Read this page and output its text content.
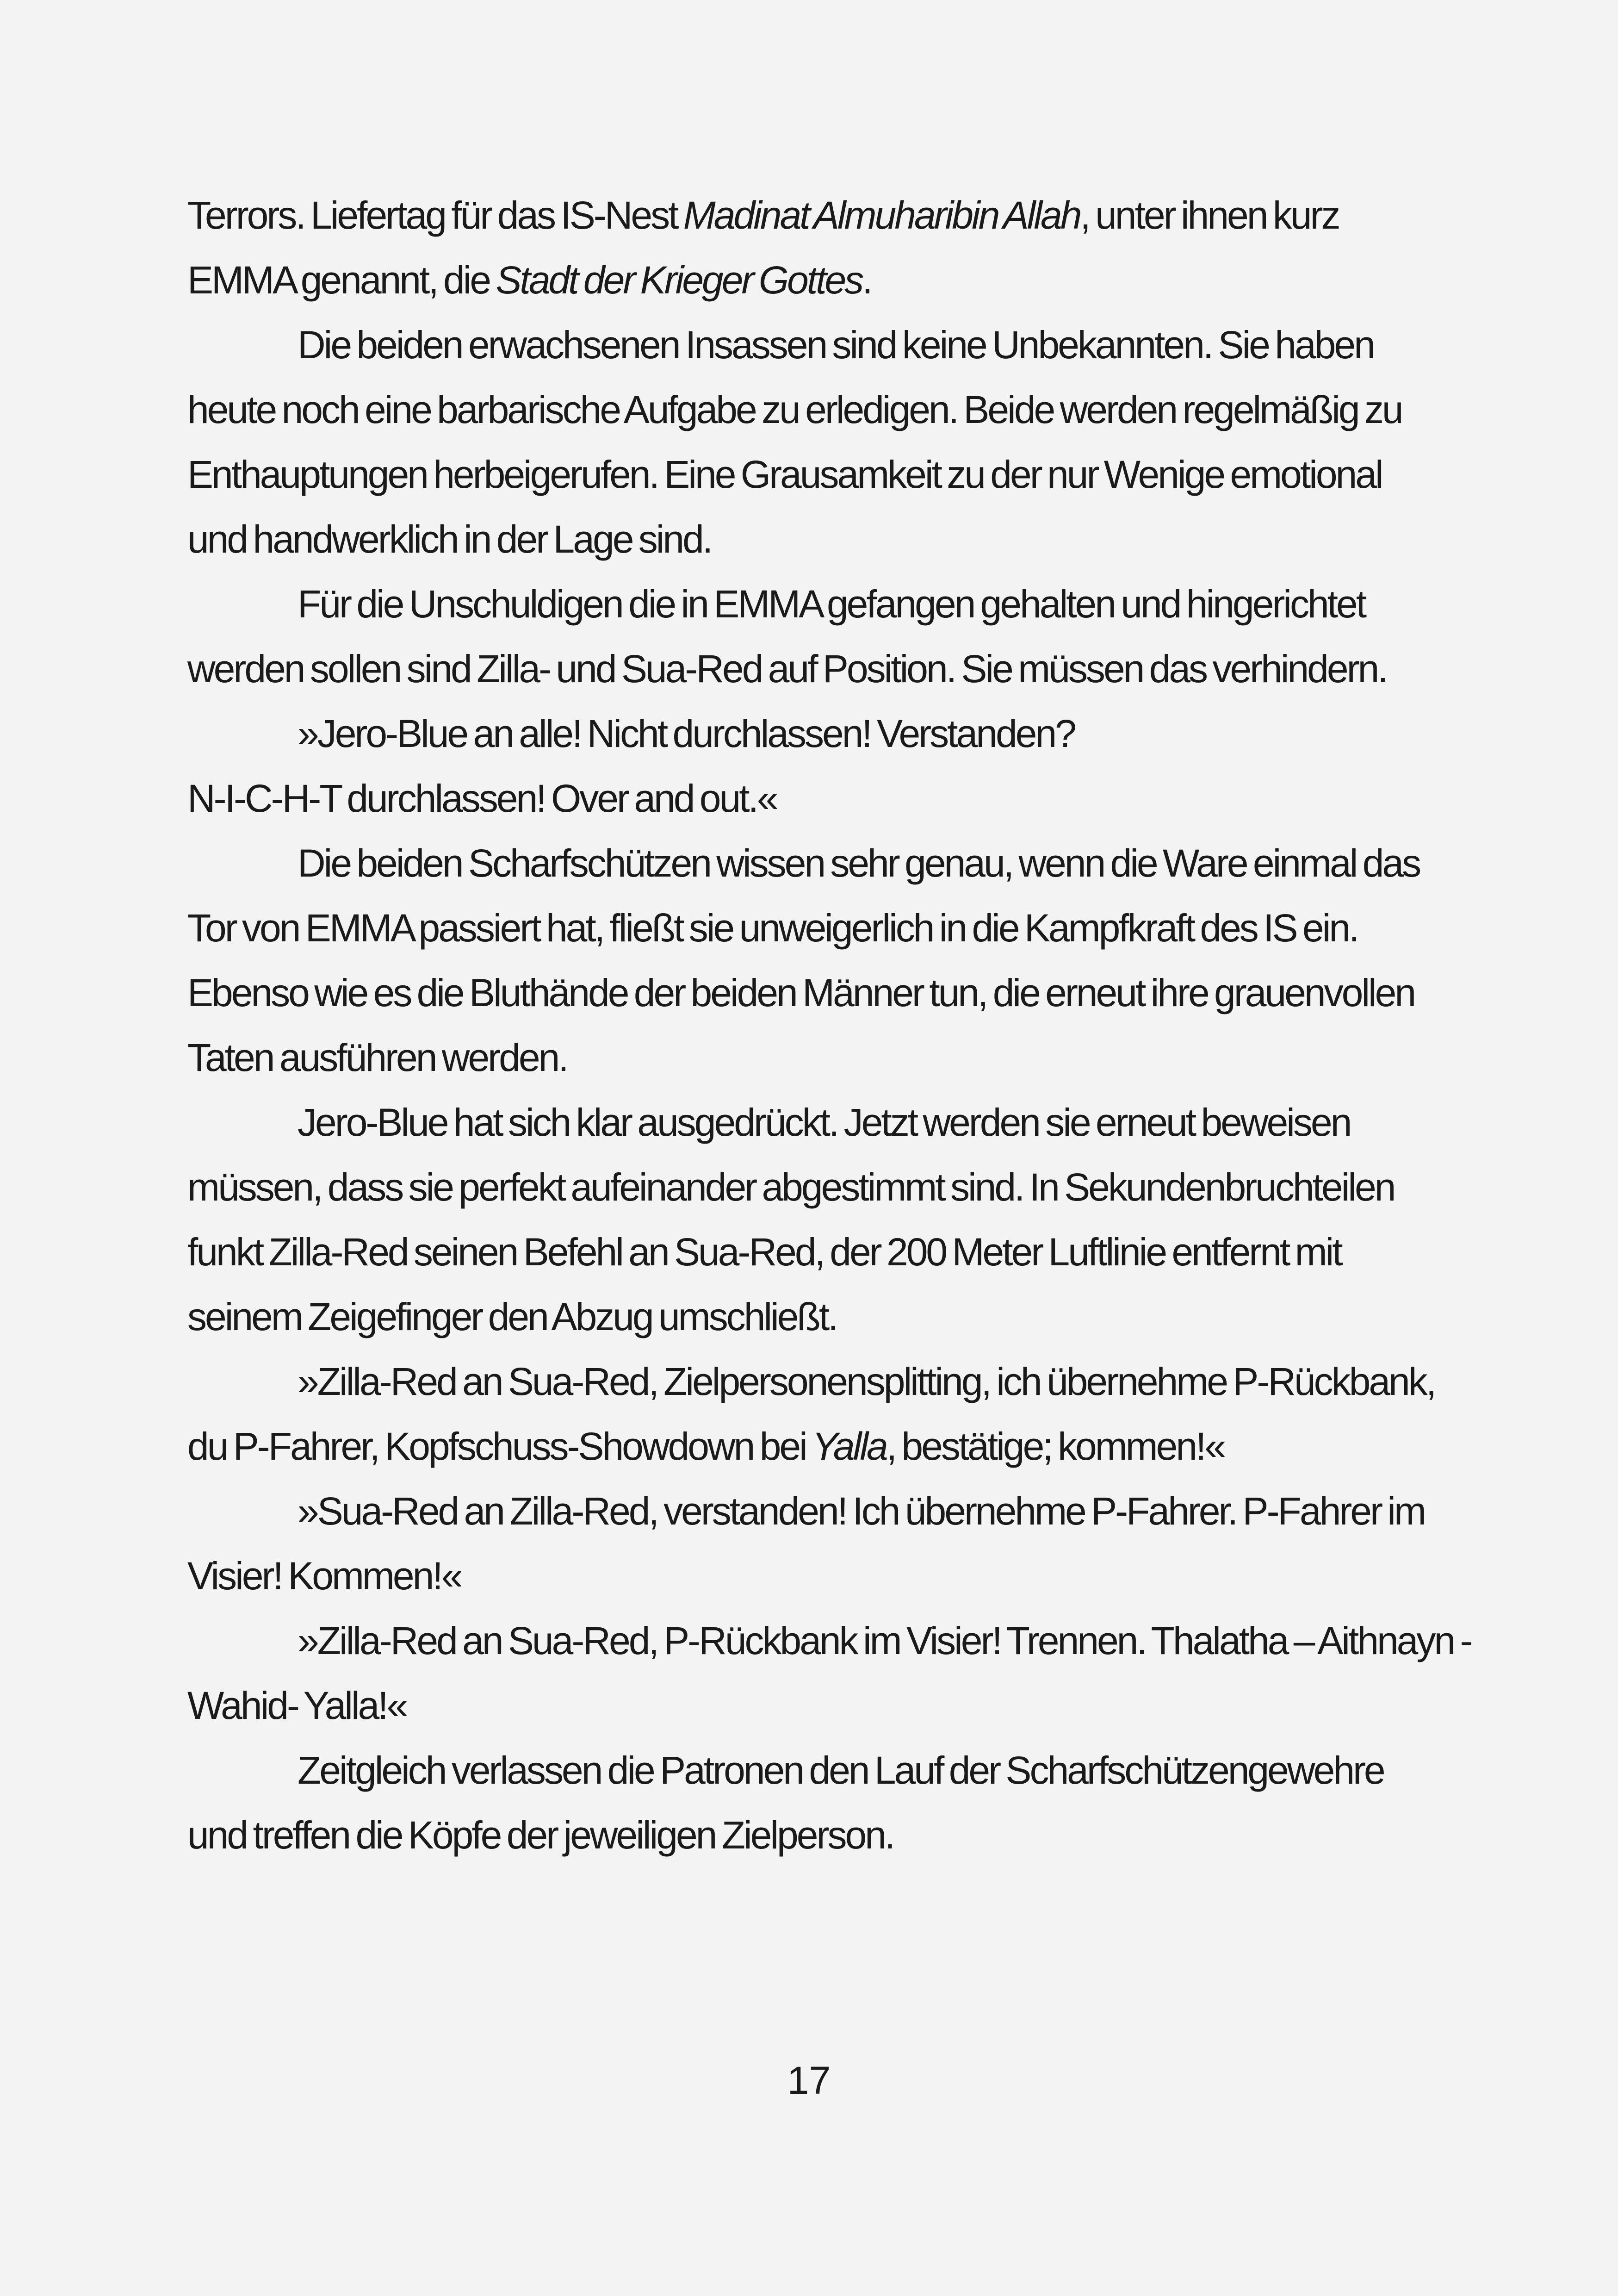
Terrors. Liefertag für das IS-Nest Madinat Almuharibin Allah, unter ihnen kurz
EMMA genannt, die Stadt der Krieger Gottes.
Die beiden erwachsenen Insassen sind keine Unbekannten. Sie haben
heute noch eine barbarische Aufgabe zu erledigen. Beide werden regelmäßig zu
Enthauptungen herbeigerufen. Eine Grausamkeit zu der nur Wenige emotional
und handwerklich in der Lage sind.
Für die Unschuldigen die in EMMA gefangen gehalten und hingerichtet
werden sollen sind Zilla- und Sua-Red auf Position. Sie müssen das verhindern.
»Jero-Blue an alle! Nicht durchlassen! Verstanden?
N-I-C-H-T durchlassen! Over and out.«
Die beiden Scharfschützen wissen sehr genau, wenn die Ware einmal das
Tor von EMMA passiert hat, fließt sie unweigerlich in die Kampfkraft des IS ein.
Ebenso wie es die Bluthände der beiden Männer tun, die erneut ihre grauenvollen
Taten ausführen werden.
Jero-Blue hat sich klar ausgedrückt. Jetzt werden sie erneut beweisen
müssen, dass sie perfekt aufeinander abgestimmt sind. In Sekundenbruchteilen
funkt Zilla-Red seinen Befehl an Sua-Red, der 200 Meter Luftlinie entfernt mit
seinem Zeigefinger den Abzug umschließt.
»Zilla-Red an Sua-Red, Zielpersonensplitting, ich übernehme P-Rückbank,
du P-Fahrer, Kopfschuss-Showdown bei Yalla, bestätige; kommen!«
»Sua-Red an Zilla-Red, verstanden! Ich übernehme P-Fahrer. P-Fahrer im
Visier! Kommen!«
»Zilla-Red an Sua-Red, P-Rückbank im Visier! Trennen. Thalatha – Aithnayn -
Wahid- Yalla!«
Zeitgleich verlassen die Patronen den Lauf der Scharfschützengewehre
und treffen die Köpfe der jeweiligen Zielperson.
17
